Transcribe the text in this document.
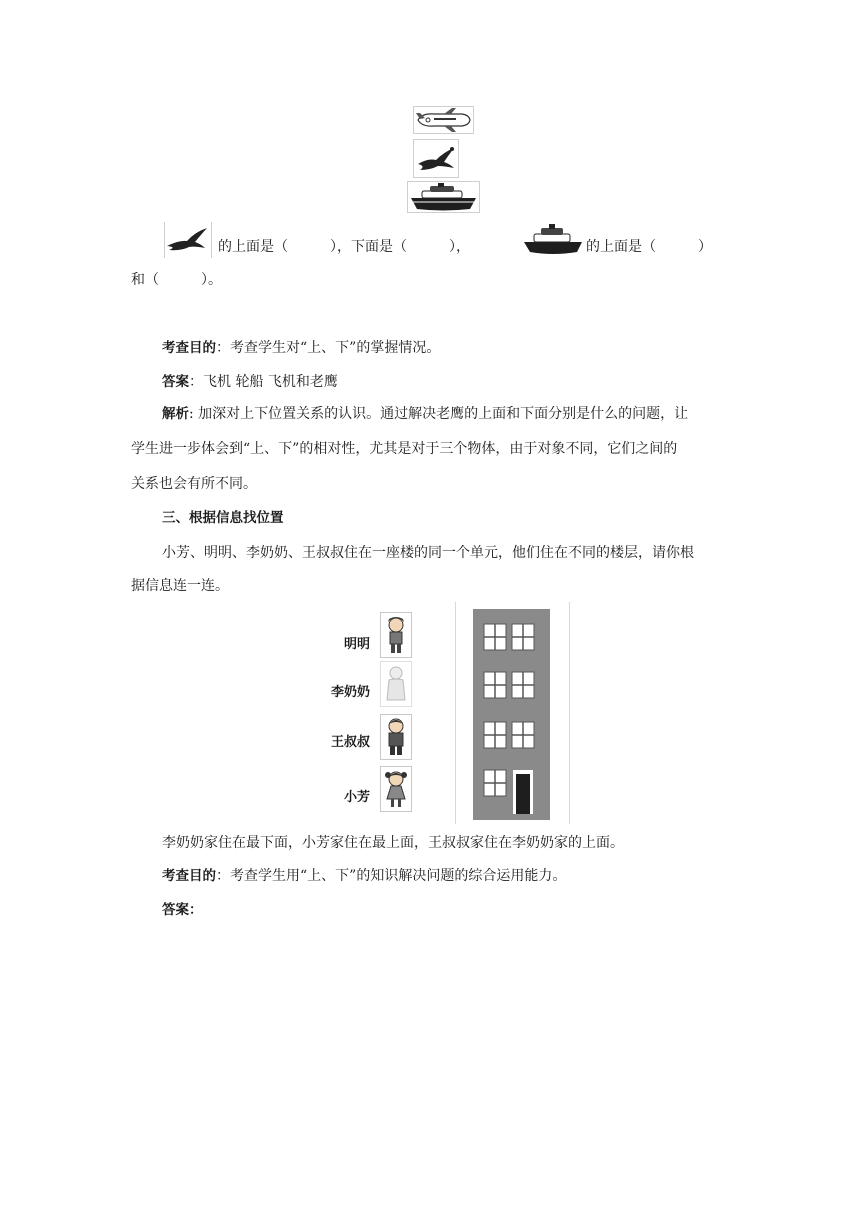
的上面是（　　　），下面是（　　　），	的上面是（　　　）
和（　　　）。
考查目的：考查学生对“上、下”的掌握情况。
答案：飞机 轮船 飞机和老鹰
解析: 加深对上下位置关系的认识。通过解决老鹰的上面和下面分别是什么的问题，让
学生进一步体会到“上、下”的相对性，尤其是对于三个物体，由于对象不同，它们之间的
关系也会有所不同。
三、根据信息找位置
小芳、明明、李奶奶、王叔叔住在一座楼的同一个单元，他们住在不同的楼层，请你根
据信息连一连。
明明
李奶奶
王叔叔
小芳
李奶奶家住在最下面，小芳家住在最上面，王叔叔家住在李奶奶家的上面。
考查目的：考查学生用“上、下”的知识解决问题的综合运用能力。
答案：
